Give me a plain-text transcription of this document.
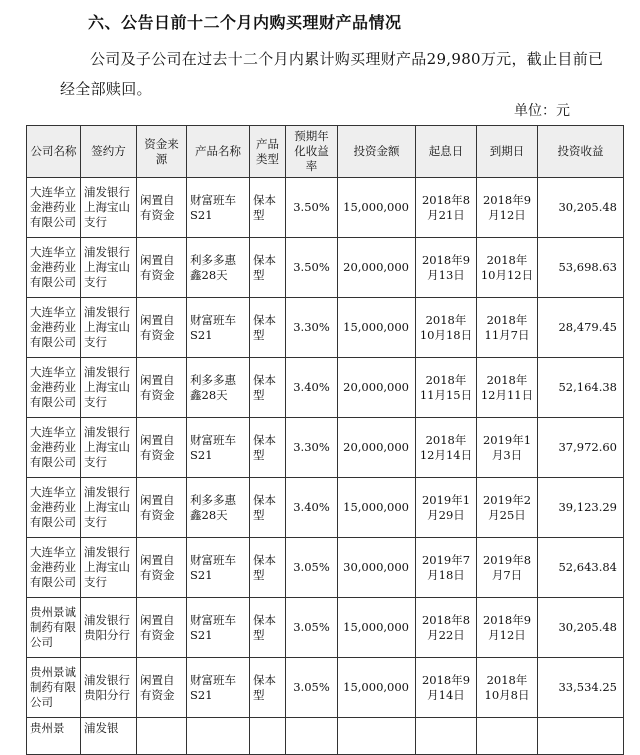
六、公告日前十二个月内购买理财产品情况
公司及子公司在过去十二个月内累计购买理财产品29,980万元，截止目前已经全部赎回。
单位：元
公司名称	签约方	资金来源	产品名称	产品类型	预期年化收益率	投资金额	起息日	到期日	投资收益
大连华立金港药业有限公司	浦发银行上海宝山支行	闲置自有资金	财富班车S21	保本型	3.50%	15,000,000	2018年8月21日	2018年9月12日	30,205.48
大连华立金港药业有限公司	浦发银行上海宝山支行	闲置自有资金	利多多惠鑫28天	保本型	3.50%	20,000,000	2018年9月13日	2018年10月12日	53,698.63
大连华立金港药业有限公司	浦发银行上海宝山支行	闲置自有资金	财富班车S21	保本型	3.30%	15,000,000	2018年10月18日	2018年11月7日	28,479.45
大连华立金港药业有限公司	浦发银行上海宝山支行	闲置自有资金	利多多惠鑫28天	保本型	3.40%	20,000,000	2018年11月15日	2018年12月11日	52,164.38
大连华立金港药业有限公司	浦发银行上海宝山支行	闲置自有资金	财富班车S21	保本型	3.30%	20,000,000	2018年12月14日	2019年1月3日	37,972.60
大连华立金港药业有限公司	浦发银行上海宝山支行	闲置自有资金	利多多惠鑫28天	保本型	3.40%	15,000,000	2019年1月29日	2019年2月25日	39,123.29
大连华立金港药业有限公司	浦发银行上海宝山支行	闲置自有资金	财富班车S21	保本型	3.05%	30,000,000	2019年7月18日	2019年8月7日	52,643.84
贵州景诚制药有限公司	浦发银行贵阳分行	闲置自有资金	财富班车S21	保本型	3.05%	15,000,000	2018年8月22日	2018年9月12日	30,205.48
贵州景诚制药有限公司	浦发银行贵阳分行	闲置自有资金	财富班车S21	保本型	3.05%	15,000,000	2018年9月14日	2018年10月8日	33,534.25
贵州景	浦发银								
